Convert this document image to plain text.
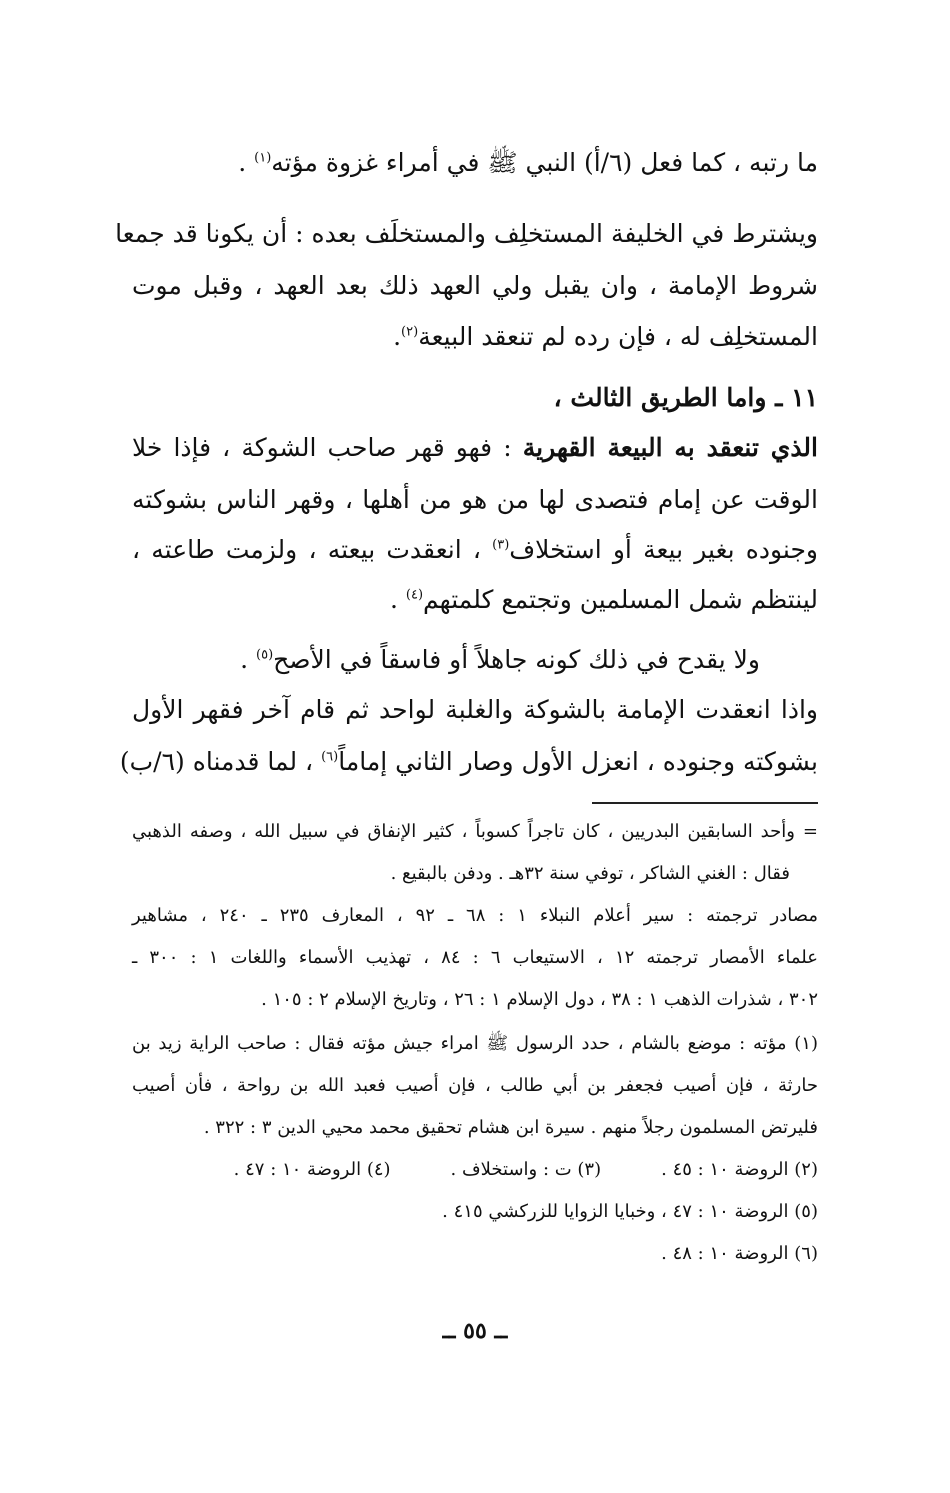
ما رتبه ، كما فعل (٦/أ) النبي ﷺ في أمراء غزوة مؤته$^{(١)}$ .
ويشترط في الخليفة المستخلِف والمستخلَف بعده : أن يكونا قد جمعا
شروط الإمامة ، وان يقبل ولي العهد ذلك بعد العهد ، وقبل موت
المستخلِف له ، فإن رده لم تنعقد البيعة$^{(٢)}$.
١١ ـ واما الطريق الثالث ،
الذي تنعقد به البيعة القهرية : فهو قهر صاحب الشوكة ، فإذا خلا
الوقت عن إمام فتصدى لها من هو من أهلها ، وقهر الناس بشوكته
وجنوده بغير بيعة أو استخلاف$^{(٣)}$ ، انعقدت بيعته ، ولزمت طاعته ،
لينتظم شمل المسلمين وتجتمع كلمتهم$^{(٤)}$ .
ولا يقدح في ذلك كونه جاهلاً أو فاسقاً في الأصح$^{(٥)}$ .
واذا انعقدت الإمامة بالشوكة والغلبة لواحد ثم قام آخر فقهر الأول
بشوكته وجنوده ، انعزل الأول وصار الثاني إماماً$^{(٦)}$ ، لما قدمناه (٦/ب)
= وأحد السابقين البدريين ، كان تاجراً كسوباً ، كثير الإنفاق في سبيل الله ، وصفه الذهبي
فقال : الغني الشاكر ، توفي سنة ٣٢هـ . ودفن بالبقيع .
مصادر ترجمته : سير أعلام النبلاء ١ : ٦٨ ـ ٩٢ ، المعارف ٢٣٥ ـ ٢٤٠ ، مشاهير
علماء الأمصار ترجمته ١٢ ، الاستيعاب ٦ : ٨٤ ، تهذيب الأسماء واللغات ١ : ٣٠٠ ـ
٣٠٢ ، شذرات الذهب ١ : ٣٨ ، دول الإسلام ١ : ٢٦ ، وتاريخ الإسلام ٢ : ١٠٥ .
(١) مؤته : موضع بالشام ، حدد الرسول ﷺ امراء جيش مؤته فقال : صاحب الراية زيد بن
حارثة ، فإن أصيب فجعفر بن أبي طالب ، فإن أصيب فعبد الله بن رواحة ، فأن أصيب
فليرتض المسلمون رجلاً منهم . سيرة ابن هشام تحقيق محمد محيي الدين ٣ : ٣٢٢ .
(٢) الروضة ١٠ : ٤٥ .
(٣) ت : واستخلاف .
(٤) الروضة ١٠ : ٤٧ .
(٥) الروضة ١٠ : ٤٧ ، وخبايا الزوايا للزركشي ٤١٥ .
(٦) الروضة ١٠ : ٤٨ .
ــ ٥٥ ــ
